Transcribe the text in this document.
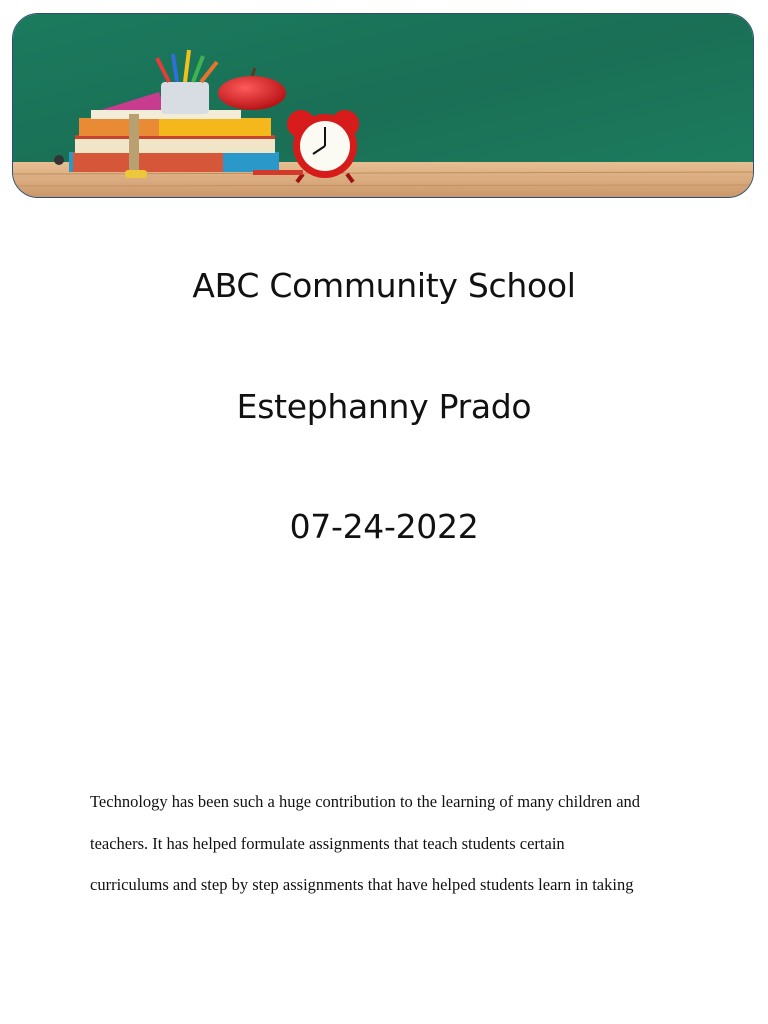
ABC Community School
Estephanny Prado
07-24-2022

Technology has been such a huge contribution to the learning of many children and

teachers. It has helped formulate assignments that teach students certain

curriculums and step by step assignments that have helped students learn in taking
